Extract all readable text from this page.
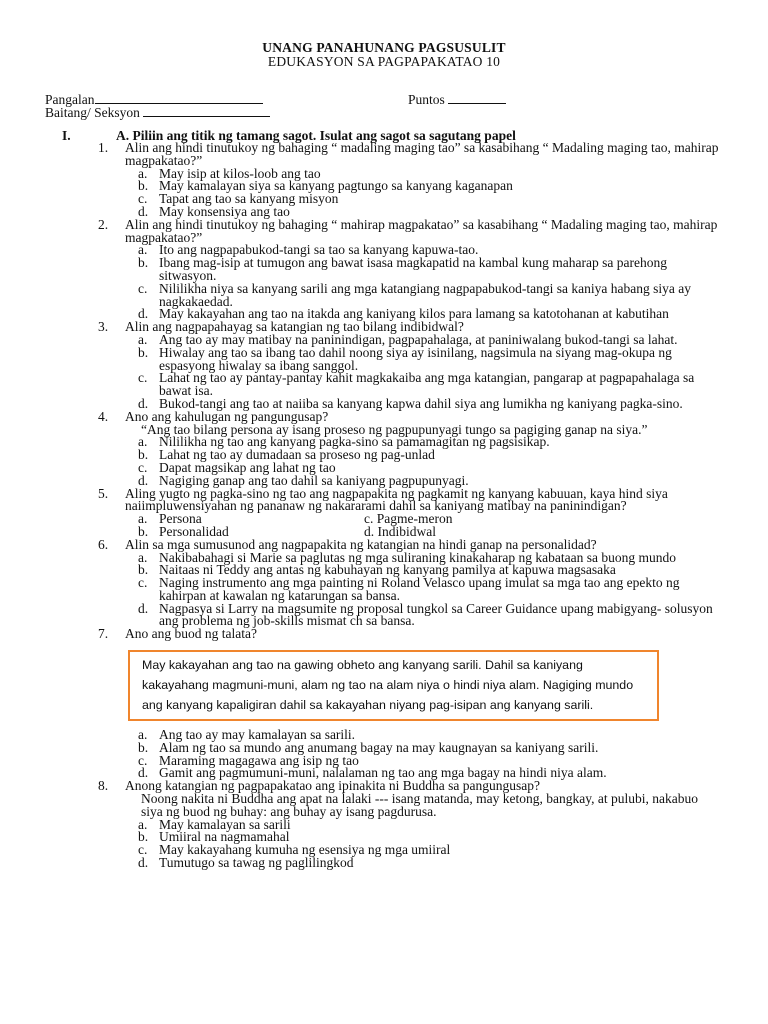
UNANG PANAHUNANG PAGSUSULIT
EDUKASYON SA PAGPAPAKATAO 10
Pangalan	Puntos
Baitang/ Seksyon
I.	A. Piliin ang titik ng tamang sagot. Isulat ang sagot sa sagutang papel
1. Alin ang hindi tinutukoy ng bahaging “ madaling maging tao” sa kasabihang “ Madaling maging tao, mahirap magpakatao?”
a. May isip at kilos-loob ang tao
b. May kamalayan siya sa kanyang pagtungo sa kanyang kaganapan
c. Tapat ang tao sa kanyang misyon
d. May konsensiya ang tao
2. Alin ang hindi tinutukoy ng bahaging “ mahirap magpakatao” sa kasabihang “ Madaling maging tao, mahirap magpakatao?”
a. Ito ang nagpapabukod-tangi sa tao sa kanyang kapuwa-tao.
b. Ibang mag-isip at tumugon ang bawat isasa magkapatid na kambal kung maharap sa parehong sitwasyon.
c. Nililikha niya sa kanyang sarili ang mga katangiang nagpapabukod-tangi sa kaniya habang siya ay nagkakaedad.
d. May kakayahan ang tao na itakda ang kaniyang kilos para lamang sa katotohanan at kabutihan
3. Alin ang nagpapahayag sa katangian ng tao bilang indibidwal?
a. Ang tao ay may matibay na paninindigan, pagpapahalaga, at paniniwalang bukod-tangi sa lahat.
b. Hiwalay ang tao sa ibang tao dahil noong siya ay isinilang, nagsimula na siyang mag-okupa ng espasyong hiwalay sa ibang sanggol.
c. Lahat ng tao ay pantay-pantay kahit magkakaiba ang mga katangian, pangarap at pagpapahalaga sa bawat isa.
d. Bukod-tangi ang tao at naiiba sa kanyang kapwa dahil siya ang lumikha ng kaniyang pagka-sino.
4. Ano ang kahulugan ng pangungusap?
“Ang tao bilang persona ay isang proseso ng pagpupunyagi tungo sa pagiging ganap na siya.”
a. Nililikha ng tao ang kanyang pagka-sino sa pamamagitan ng pagsisikap.
b. Lahat ng tao ay dumadaan sa proseso ng pag-unlad
c. Dapat magsikap ang lahat ng tao
d. Nagiging ganap ang tao dahil sa kaniyang pagpupunyagi.
5. Aling yugto ng pagka-sino ng tao ang nagpapakita ng pagkamit ng kanyang kabuuan, kaya hind siya naiimpluwensiyahan ng pananaw ng nakararami dahil sa kaniyang matibay na paninindigan?
a. Persona	c. Pagme-meron
b. Personalidad	d. Indibidwal
6. Alin sa mga sumusunod ang nagpapakita ng katangian na hindi ganap na personalidad?
a. Nakibabahagi si Marie sa paglutas ng mga suliraning kinakaharap ng kabataan sa buong mundo
b. Naitaas ni Teddy ang antas ng kabuhayan ng kanyang pamilya at kapuwa magsasaka
c. Naging instrumento ang mga painting ni Roland Velasco upang imulat sa mga tao ang epekto ng kahirpan at kawalan ng katarungan sa bansa.
d. Nagpasya si Larry na magsumite ng proposal tungkol sa Career Guidance upang mabigyang- solusyon ang problema ng job-skills mismat ch sa bansa.
7. Ano ang buod ng talata?
May kakayahan ang tao na gawing obheto ang kanyang sarili. Dahil sa kaniyang kakayahang magmuni-muni, alam ng tao na alam niya o hindi niya alam. Nagiging mundo ang kanyang kapaligiran dahil sa kakayahan niyang pag-isipan ang kanyang sarili.
a. Ang tao ay may kamalayan sa sarili.
b. Alam ng tao sa mundo ang anumang bagay na may kaugnayan sa kaniyang sarili.
c. Maraming magagawa ang isip ng tao
d. Gamit ang pagmumuni-muni, nalalaman ng tao ang mga bagay na hindi niya alam.
8. Anong katangian ng pagpapakatao ang ipinakita ni Buddha sa pangungusap?
Noong nakita ni Buddha ang apat na lalaki --- isang matanda, may ketong, bangkay, at pulubi, nakabuo siya ng buod ng buhay: ang buhay ay isang pagdurusa.
a. May kamalayan sa sarili
b. Umiiral na nagmamahal
c. May kakayahang kumuha ng esensiya ng mga umiiral
d. Tumutugo sa tawag ng paglilingkod
